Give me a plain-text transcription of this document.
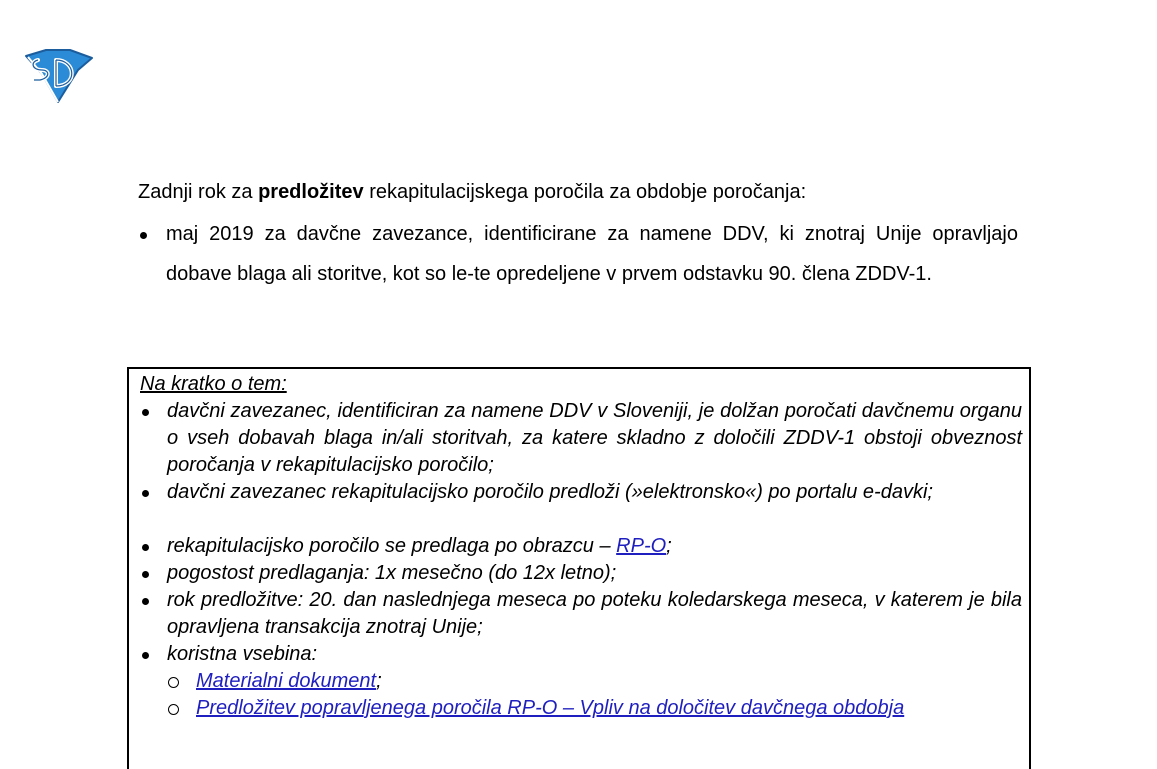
Zadnji rok za predložitev rekapitulacijskega poročila za obdobje poročanja:

maj 2019 za davčne zavezance, identificirane za namene DDV, ki znotraj Unije opravljajo dobave blaga ali storitve, kot so le-te opredeljene v prvem odstavku 90. člena ZDDV-1.
Na kratko o tem:
davčni zavezanec, identificiran za namene DDV v Sloveniji, je dolžan poročati davčnemu organu o vseh dobavah blaga in/ali storitvah, za katere skladno z določili ZDDV-1 obstoji obveznost poročanja v rekapitulacijsko poročilo;
davčni zavezanec rekapitulacijsko poročilo predloži (»elektronsko«) po portalu e-davki;
rekapitulacijsko poročilo se predlaga po obrazcu – RP-O;
pogostost predlaganja: 1x mesečno (do 12x letno);
rok predložitve: 20. dan naslednjega meseca po poteku koledarskega meseca, v katerem je bila opravljena transakcija znotraj Unije;
koristna vsebina:
Materialni dokument;
Predložitev popravljenega poročila RP-O – Vpliv na določitev davčnega obdobja
